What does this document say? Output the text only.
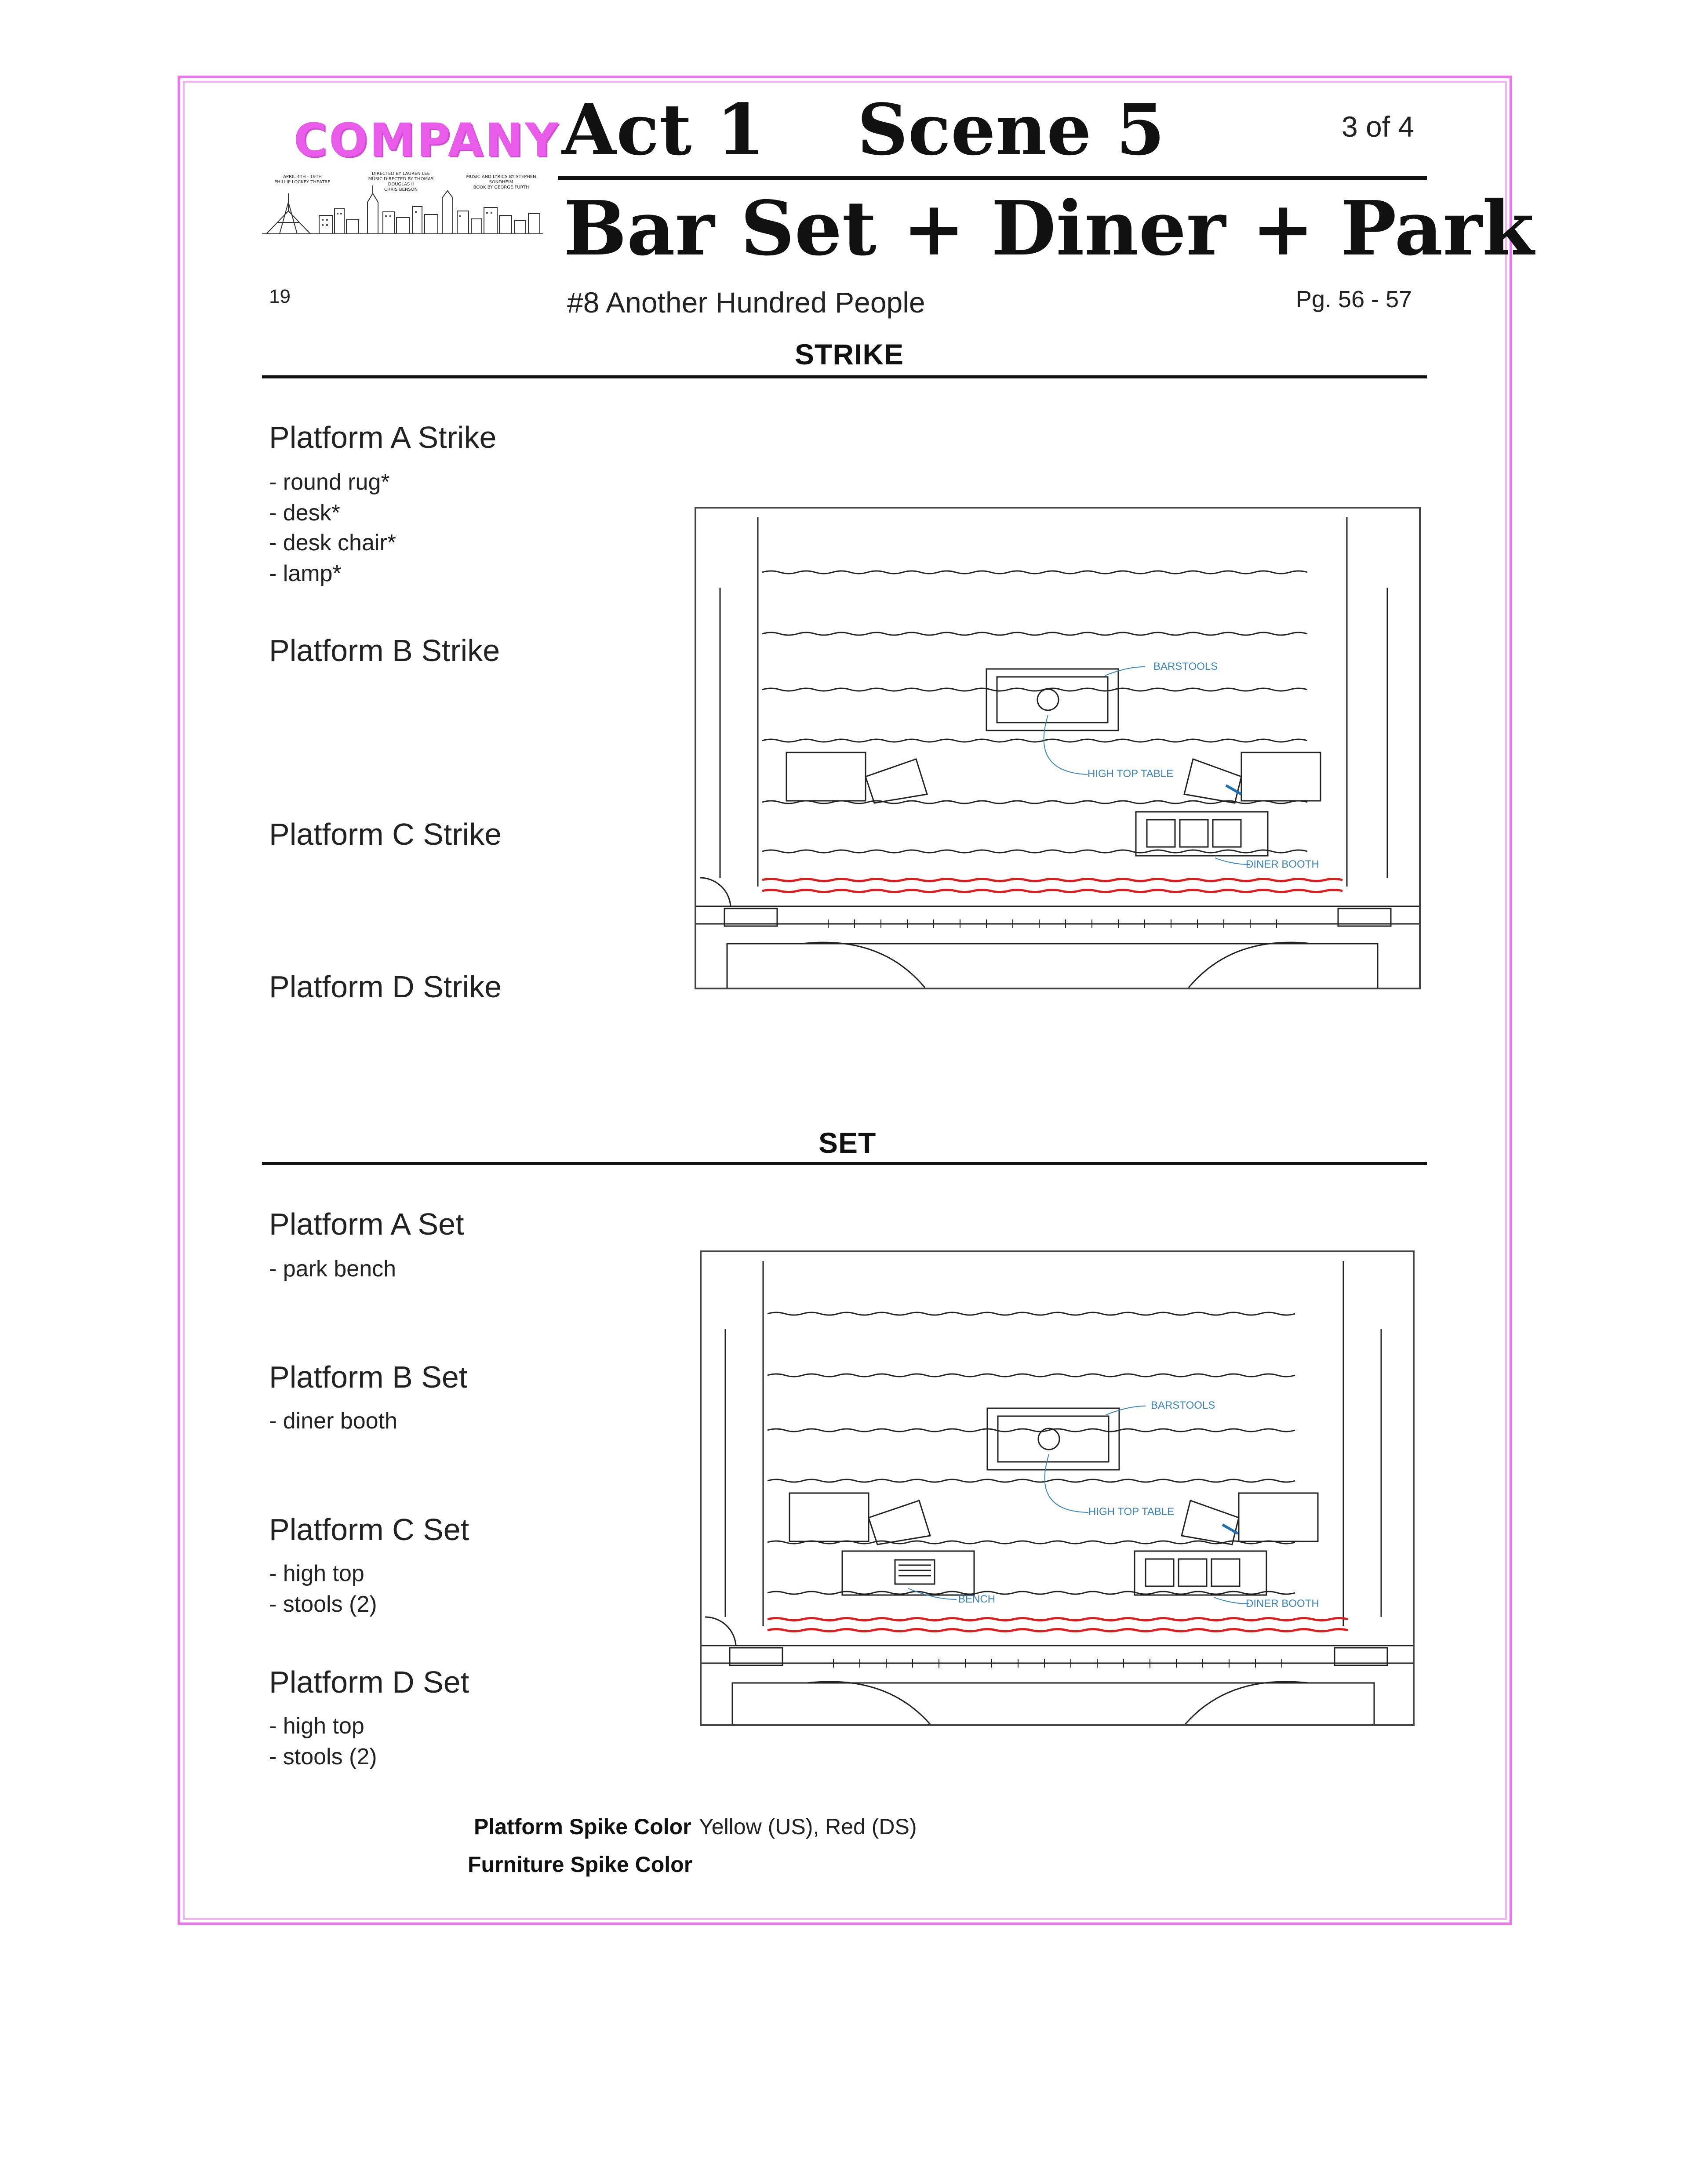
COMPANY
APRIL 4TH - 19TH
PHILLIP LOCKEY THEATRE
DIRECTED BY LAUREN LEE
MUSIC DIRECTED BY THOMAS DOUGLAS II
CHRIS BENSON
MUSIC AND LYRICS BY STEPHEN SONDHEIM
BOOK BY GEORGE FURTH
Act 1 Scene 5	3 of 4
Bar Set + Diner + Park
19	#8 Another Hundred People	Pg. 56 - 57
STRIKE
Platform A Strike
- round rug*
- desk*
- desk chair*
- lamp*
Platform B Strike
Platform C Strike
Platform D Strike
BARSTOOLS
HIGH TOP TABLE
DINER BOOTH
SET
Platform A Set
- park bench
Platform B Set
- diner booth
Platform C Set
- high top
- stools (2)
Platform D Set
- high top
- stools (2)
BARSTOOLS
HIGH TOP TABLE
BENCH	DINER BOOTH
Platform Spike Color Yellow (US), Red (DS)
Furniture Spike Color
